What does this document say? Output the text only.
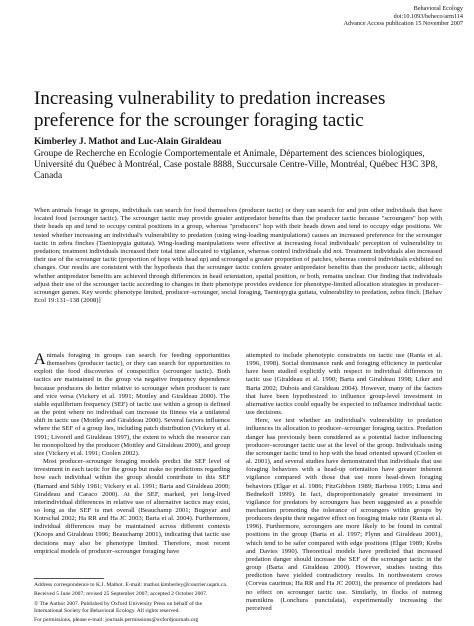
Behavioral Ecology
doi:10.1093/beheco/arm114
Advance Access publication 15 November 2007
Increasing vulnerability to predation increases preference for the scrounger foraging tactic
Kimberley J. Mathot and Luc-Alain Giraldeau
Groupe de Recherche en Ecologie Comportementale et Animale, Département des sciences biologiques, Université du Québec à Montréal, Case postale 8888, Succursale Centre-Ville, Montréal, Québec H3C 3P8, Canada

When animals forage in groups, individuals can search for food themselves (producer tactic) or they can search for and join other individuals that have located food (scrounger tactic). The scrounger tactic may provide greater antipredator benefits than the producer tactic because "scroungers" hop with their heads up and tend to occupy central positions in a group, whereas "producers" hop with their heads down and tend to occupy edge positions. We tested whether increasing an individual's vulnerability to predation (using wing-loading manipulations) causes an increased preference for the scrounger tactic in zebra finches (Taeniopygia guttata). Wing-loading manipulations were effective at increasing focal individuals' perception of vulnerability to predation; treatment individuals increased their total time allocated to vigilance, whereas control individuals did not. Treatment individuals also increased their use of the scrounger tactic (proportion of hops with head up) and scrounged a greater proportion of patches, whereas control individuals exhibited no changes. Our results are consistent with the hypothesis that the scrounger tactic confers greater antipredator benefits than the producer tactic, although whether antipredator benefits are achieved through differences in head orientation, spatial position, or both, remains unclear. Our finding that individuals adjust their use of the scrounger tactic according to changes in their phenotype provides evidence for phenotype-limited allocation strategies in producer–scrounger games. Key words: phenotype limited, producer–scrounger, social foraging, Taeniopygia guttata, vulnerability to predation, zebra finch. [Behav Ecol 19:131–138 (2008)]

Animals foraging in groups can search for feeding opportunities themselves (producer tactic), or they can search for opportunities to exploit the food discoveries of conspecifics (scrounger tactic). Both tactics are maintained in the group via negative frequency dependence because producers do better relative to scrounger when producer is rare and vice versa (Vickery et al. 1991; Mottley and Giraldeau 2000). The stable equilibrium frequency (SEF) of tactic use within a group is defined as the point where no individual can increase its fitness via a unilateral shift in tactic use (Mottley and Giraldeau 2000). Several factors influence where the SEF of a group lies, including patch distribution (Vickery et al. 1991; Livoreil and Giraldeau 1997), the extent to which the resource can be monopolized by the producer (Mottley and Giraldeau 2000), and group size (Vickery et al. 1991; Coolen 2002).

Most producer–scrounger foraging models predict the SEF level of investment in each tactic for the group but make no predictions regarding how each individual within the group should contribute to this SEF (Barnard and Sibly 1981; Vickery et al. 1991; Barta and Giraldeau 2000; Giraldeau and Caraco 2000). At the SEF, marked, yet long-lived interindividual differences in relative use of alternative tactics may exist, so long as the SEF is met overall (Beauchamp 2001; Bugnyar and Kotrschal 2002; Ha RR and Ha JC 2003; Barta et al. 2004). Furthermore, individual differences may be maintained across different contexts (Koops and Giraldeau 1996; Beauchamp 2001), indicating that tactic use decisions may also be phenotype limited. Therefore, most recent empirical models of producer–scrounger foraging have

attempted to include phenotypic constraints on tactic use (Ranta et al. 1996, 1998). Social dominance rank and foraging efficiency in particular have been studied explicitly with respect to individual differences in tactic use (Giraldeau et al. 1990; Barta and Giraldeau 1998; Liker and Barta 2002; Dubois and Giraldeau 2004). However, many of the factors that have been hypothesized to influence group-level investment in alternative tactics could equally be expected to influence individual tactic use decisions.

Here, we test whether an individual's vulnerability to predation influences its allocation to producer–scrounger foraging tactics. Predation danger has previously been considered as a potential factor influencing producer–scrounger tactic use at the level of the group. Individuals using the scrounger tactic tend to hop with the head oriented upward (Coolen et al. 2001), and several studies have demonstrated that individuals that use foraging behaviors with a head-up orientation have greater inherent vigilance compared with those that use more head-down foraging behaviors (Elgar et al. 1986; FitzGibbon 1989; Barbosa 1995; Lima and Bednekoff 1999). In fact, disproportionately greater investment in vigilance for predators by scroungers has been suggested as a possible mechanism promoting the tolerance of scroungers within groups by producers despite their negative effect on foraging intake rate (Ranta et al. 1996). Furthermore, scroungers are more likely to be found in central positions in the group (Barta et al. 1997; Flynn and Giraldeau 2001), which tend to be safer compared with edge positions (Elgar 1989; Krebs and Davies 1990). Theoretical models have predicted that increased predation danger should increase the SEF of the scrounger tactic in the group (Barta and Giraldeau 2000). However, studies testing this prediction have yielded contradictory results. In northwestern crows (Corvus caurinus; Ha RR and Ha JC 2003), the presence of predators had no effect on scrounger tactic use. Similarly, in flocks of nutmeg mannikins (Lonchura punctulata), experimentally increasing the perceived

Address correspondence to K.J. Mathot. E-mail: mathot.kimberley@courrier.uqam.ca.
Received 5 June 2007; revised 25 September 2007; accepted 2 October 2007.
© The Author 2007. Published by Oxford University Press on behalf of the International Society for Behavioral Ecology. All rights reserved.
For permissions, please e-mail: journals.permissions@oxfordjournals.org
